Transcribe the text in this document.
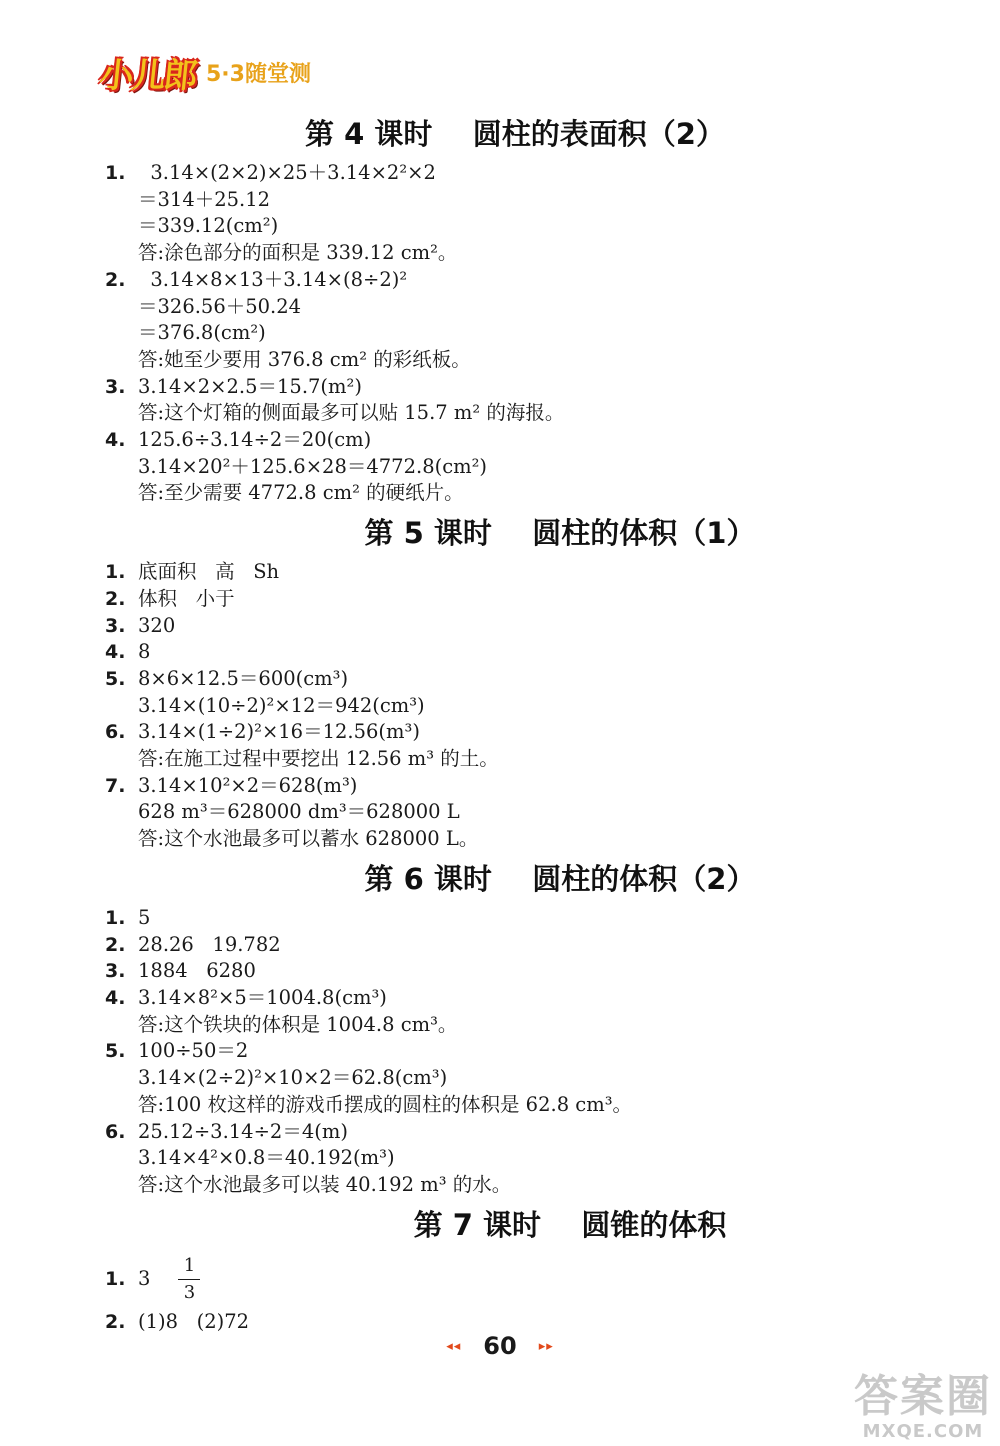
小儿郎 5·3随堂测
第 4 课时    圆柱的表面积（2）
1. 3.14×(2×2)×25＋3.14×2²×2
＝314＋25.12
＝339.12(cm²)
答:涂色部分的面积是 339.12 cm²。
2. 3.14×8×13＋3.14×(8÷2)²
＝326.56＋50.24
＝376.8(cm²)
答:她至少要用 376.8 cm² 的彩纸板。
3. 3.14×2×2.5＝15.7(m²)
答:这个灯箱的侧面最多可以贴 15.7 m² 的海报。
4. 125.6÷3.14÷2＝20(cm)
3.14×20²＋125.6×28＝4772.8(cm²)
答:至少需要 4772.8 cm² 的硬纸片。
第 5 课时    圆柱的体积（1）
1. 底面积   高   Sh
2. 体积   小于
3. 320
4. 8
5. 8×6×12.5＝600(cm³)
3.14×(10÷2)²×12＝942(cm³)
6. 3.14×(1÷2)²×16＝12.56(m³)
答:在施工过程中要挖出 12.56 m³ 的土。
7. 3.14×10²×2＝628(m³)
628 m³＝628000 dm³＝628000 L
答:这个水池最多可以蓄水 628000 L。
第 6 课时    圆柱的体积（2）
1. 5
2. 28.26   19.782
3. 1884   6280
4. 3.14×8²×5＝1004.8(cm³)
答:这个铁块的体积是 1004.8 cm³。
5. 100÷50＝2
3.14×(2÷2)²×10×2＝62.8(cm³)
答:100 枚这样的游戏币摆成的圆柱的体积是 62.8 cm³。
6. 25.12÷3.14÷2＝4(m)
3.14×4²×0.8＝40.192(m³)
答:这个水池最多可以装 40.192 m³ 的水。
第 7 课时    圆锥的体积
1. $3 \frac{1}{3}$
2. (1)8   (2)72
◂◂ 60 ▸▸
答案圈
MXQE.COM
